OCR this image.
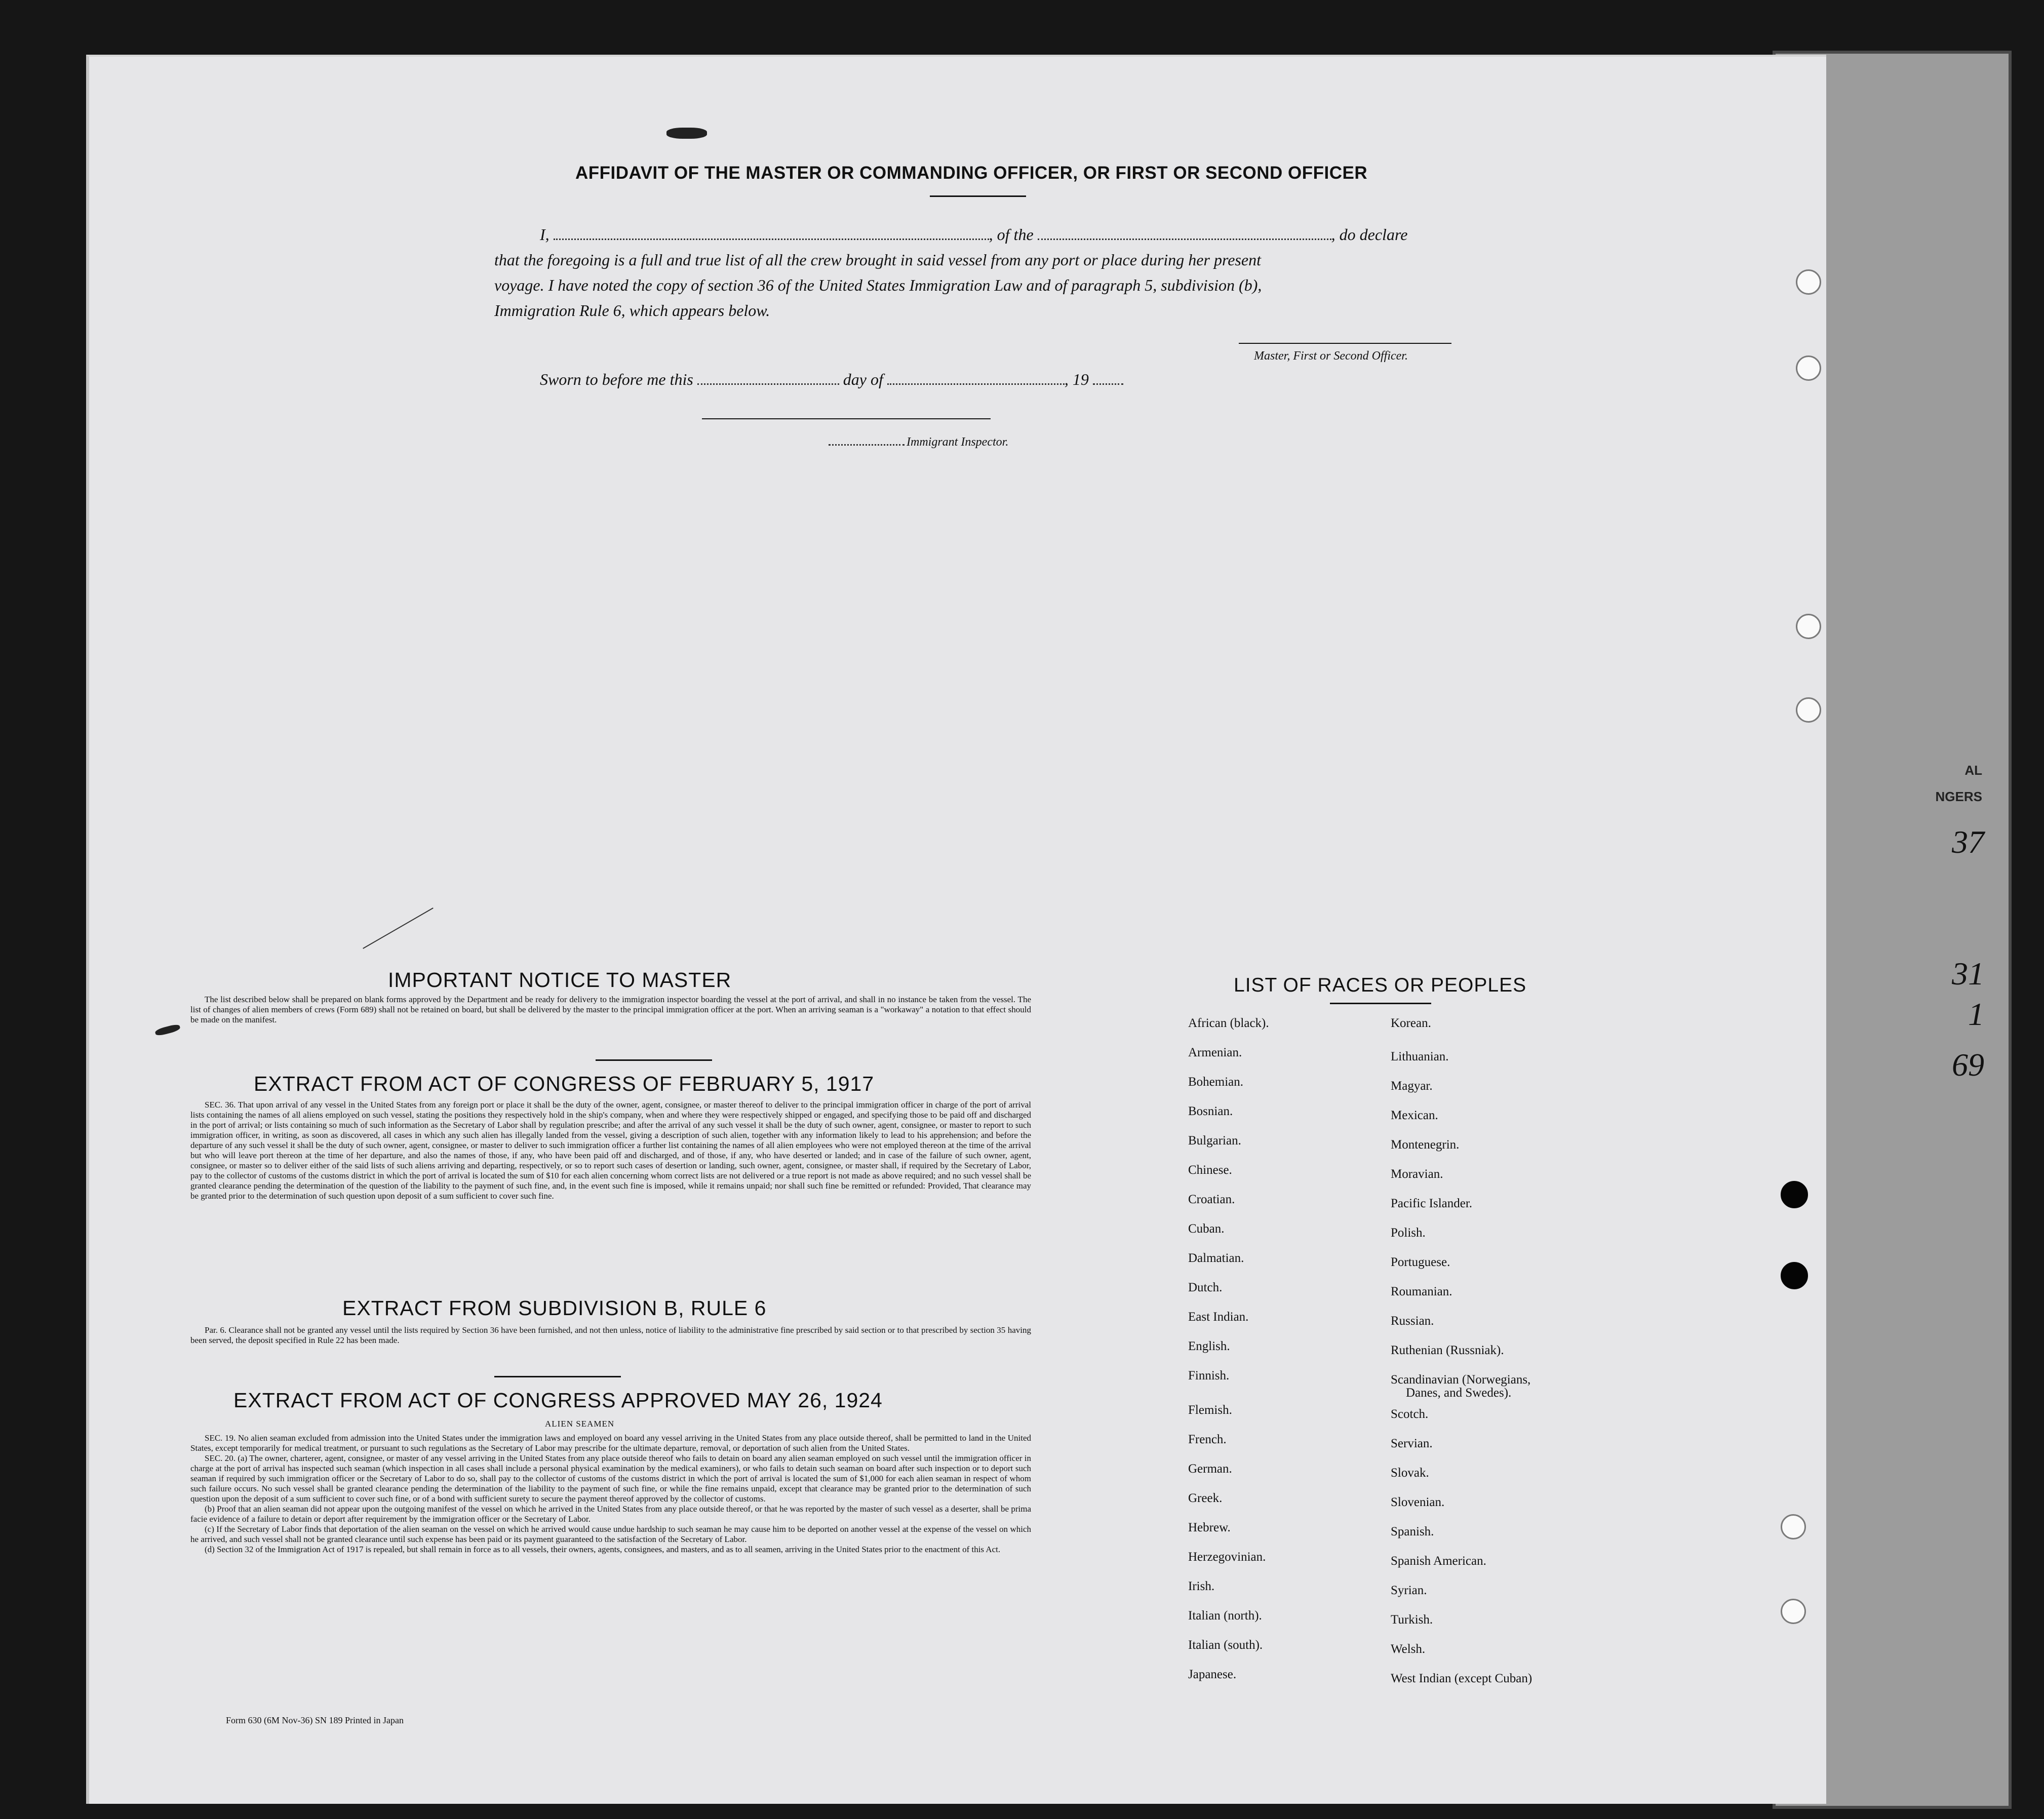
AL
NGERS
37
31
1
69
AFFIDAVIT OF THE MASTER OR COMMANDING OFFICER, OR FIRST OR SECOND OFFICER
I,	, of the	, do declare
that the foregoing is a full and true list of all the crew brought in said vessel from any port or place during her present
voyage. I have noted the copy of section 36 of the United States Immigration Law and of paragraph 5, subdivision (b),
Immigration Rule 6, which appears below.
Master, First or Second Officer.
Sworn to before me this	day of	, 19
Immigrant Inspector.
IMPORTANT NOTICE TO MASTER

The list described below shall be prepared on blank forms approved by the Department and be ready for delivery to the immigration inspector boarding the vessel at the port of arrival, and shall in no instance be taken from the vessel. The list of changes of alien members of crews (Form 689) shall not be retained on board, but shall be delivered by the master to the principal immigration officer at the port. When an arriving seaman is a "workaway" a notation to that effect should be made on the manifest.

EXTRACT FROM ACT OF CONGRESS OF FEBRUARY 5, 1917

SEC. 36. That upon arrival of any vessel in the United States from any foreign port or place it shall be the duty of the owner, agent, consignee, or master thereof to deliver to the principal immigration officer in charge of the port of arrival lists containing the names of all aliens employed on such vessel, stating the positions they respectively hold in the ship's company, when and where they were respectively shipped or engaged, and specifying those to be paid off and discharged in the port of arrival; or lists containing so much of such information as the Secretary of Labor shall by regulation prescribe; and after the arrival of any such vessel it shall be the duty of such owner, agent, consignee, or master to report to such immigration officer, in writing, as soon as discovered, all cases in which any such alien has illegally landed from the vessel, giving a description of such alien, together with any information likely to lead to his apprehension; and before the departure of any such vessel it shall be the duty of such owner, agent, consignee, or master to deliver to such immigration officer a further list containing the names of all alien employees who were not employed thereon at the time of the arrival but who will leave port thereon at the time of her departure, and also the names of those, if any, who have been paid off and discharged, and of those, if any, who have deserted or landed; and in case of the failure of such owner, agent, consignee, or master so to deliver either of the said lists of such aliens arriving and departing, respectively, or so to report such cases of desertion or landing, such owner, agent, consignee, or master shall, if required by the Secretary of Labor, pay to the collector of customs of the customs district in which the port of arrival is located the sum of $10 for each alien concerning whom correct lists are not delivered or a true report is not made as above required; and no such vessel shall be granted clearance pending the determination of the question of the liability to the payment of such fine, and, in the event such fine is imposed, while it remains unpaid; nor shall such fine be remitted or refunded: Provided, That clearance may be granted prior to the determination of such question upon deposit of a sum sufficient to cover such fine.

EXTRACT FROM SUBDIVISION B, RULE 6

Par. 6. Clearance shall not be granted any vessel until the lists required by Section 36 have been furnished, and not then unless, notice of liability to the administrative fine prescribed by said section or to that prescribed by section 35 having been served, the deposit specified in Rule 22 has been made.

EXTRACT FROM ACT OF CONGRESS APPROVED MAY 26, 1924
ALIEN SEAMEN

SEC. 19. No alien seaman excluded from admission into the United States under the immigration laws and employed on board any vessel arriving in the United States from any place outside thereof, shall be permitted to land in the United States, except temporarily for medical treatment, or pursuant to such regulations as the Secretary of Labor may prescribe for the ultimate departure, removal, or deportation of such alien from the United States.

SEC. 20. (a) The owner, charterer, agent, consignee, or master of any vessel arriving in the United States from any place outside thereof who fails to detain on board any alien seaman employed on such vessel until the immigration officer in charge at the port of arrival has inspected such seaman (which inspection in all cases shall include a personal physical examination by the medical examiners), or who fails to detain such seaman on board after such inspection or to deport such seaman if required by such immigration officer or the Secretary of Labor to do so, shall pay to the collector of customs of the customs district in which the port of arrival is located the sum of $1,000 for each alien seaman in respect of whom such failure occurs. No such vessel shall be granted clearance pending the determination of the liability to the payment of such fine, or while the fine remains unpaid, except that clearance may be granted prior to the determination of such question upon the deposit of a sum sufficient to cover such fine, or of a bond with sufficient surety to secure the payment thereof approved by the collector of customs.

(b) Proof that an alien seaman did not appear upon the outgoing manifest of the vessel on which he arrived in the United States from any place outside thereof, or that he was reported by the master of such vessel as a deserter, shall be prima facie evidence of a failure to detain or deport after requirement by the immigration officer or the Secretary of Labor.

(c) If the Secretary of Labor finds that deportation of the alien seaman on the vessel on which he arrived would cause undue hardship to such seaman he may cause him to be deported on another vessel at the expense of the vessel on which he arrived, and such vessel shall not be granted clearance until such expense has been paid or its payment guaranteed to the satisfaction of the Secretary of Labor.

(d) Section 32 of the Immigration Act of 1917 is repealed, but shall remain in force as to all vessels, their owners, agents, consignees, and masters, and as to all seamen, arriving in the United States prior to the enactment of this Act.

Form 630 (6M Nov-36) SN 189 Printed in Japan
LIST OF RACES OR PEOPLES
African (black).
Armenian.
Bohemian.
Bosnian.
Bulgarian.
Chinese.
Croatian.
Cuban.
Dalmatian.
Dutch.
East Indian.
English.
Finnish.
Flemish.
French.
German.
Greek.
Hebrew.
Herzegovinian.
Irish.
Italian (north).
Italian (south).
Japanese.
Korean.
Lithuanian.
Magyar.
Mexican.
Montenegrin.
Moravian.
Pacific Islander.
Polish.
Portuguese.
Roumanian.
Russian.
Ruthenian (Russniak).
Scandinavian (Norwegians,
Danes, and Swedes).
Scotch.
Servian.
Slovak.
Slovenian.
Spanish.
Spanish American.
Syrian.
Turkish.
Welsh.
West Indian (except Cuban)
